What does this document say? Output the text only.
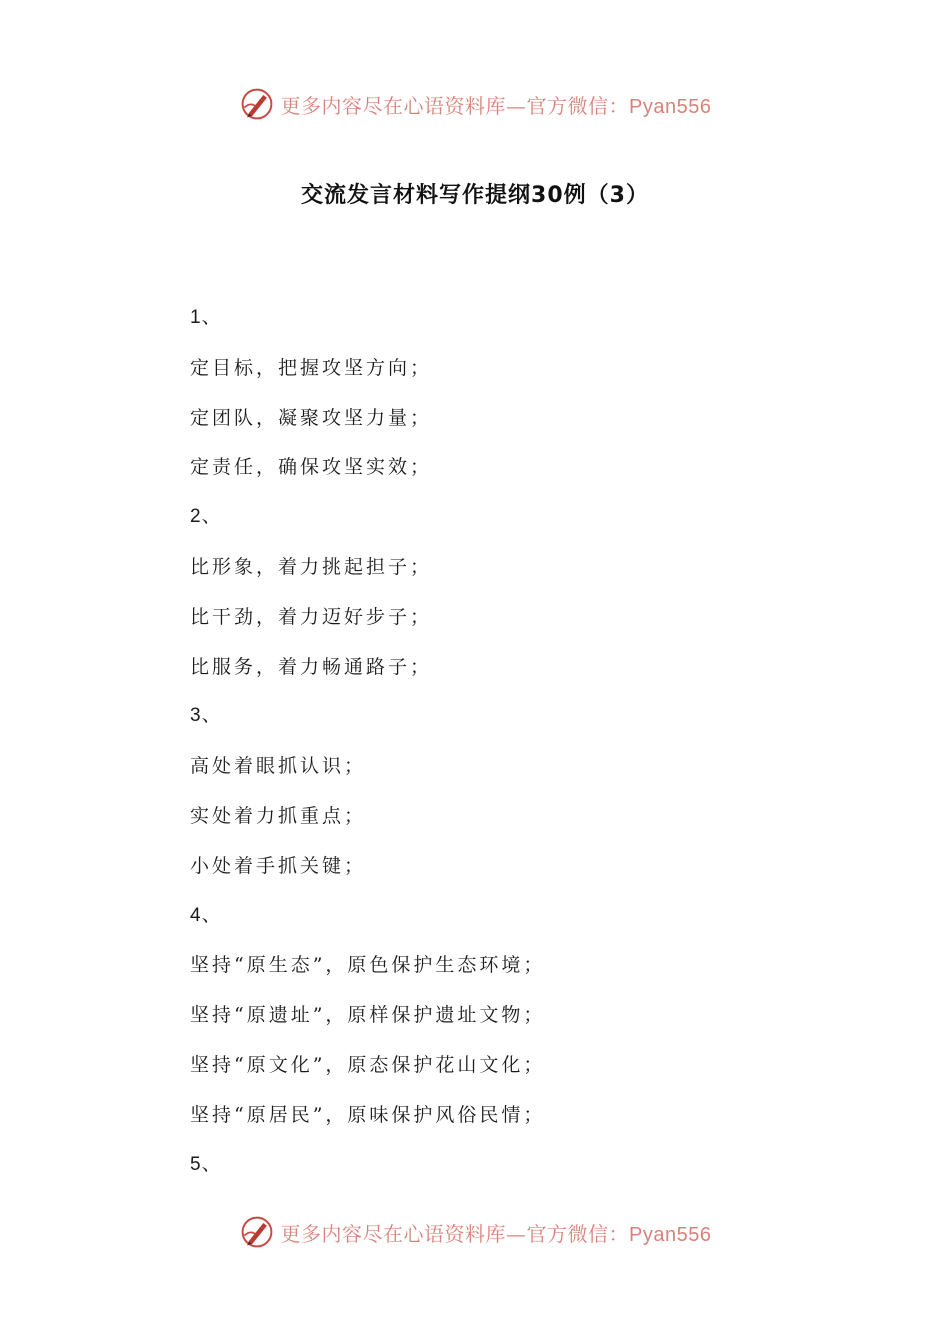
更多内容尽在心语资料库—官方微信：Pyan556
交流发言材料写作提纲30例（3）
1、
定目标，把握攻坚方向；
定团队，凝聚攻坚力量；
定责任，确保攻坚实效；
2、
比形象，着力挑起担子；
比干劲，着力迈好步子；
比服务，着力畅通路子；
3、
高处着眼抓认识；
实处着力抓重点；
小处着手抓关键；
4、
坚持“原生态”，原色保护生态环境；
坚持“原遗址”，原样保护遗址文物；
坚持“原文化”，原态保护花山文化；
坚持“原居民”，原味保护风俗民情；
5、
更多内容尽在心语资料库—官方微信：Pyan556
